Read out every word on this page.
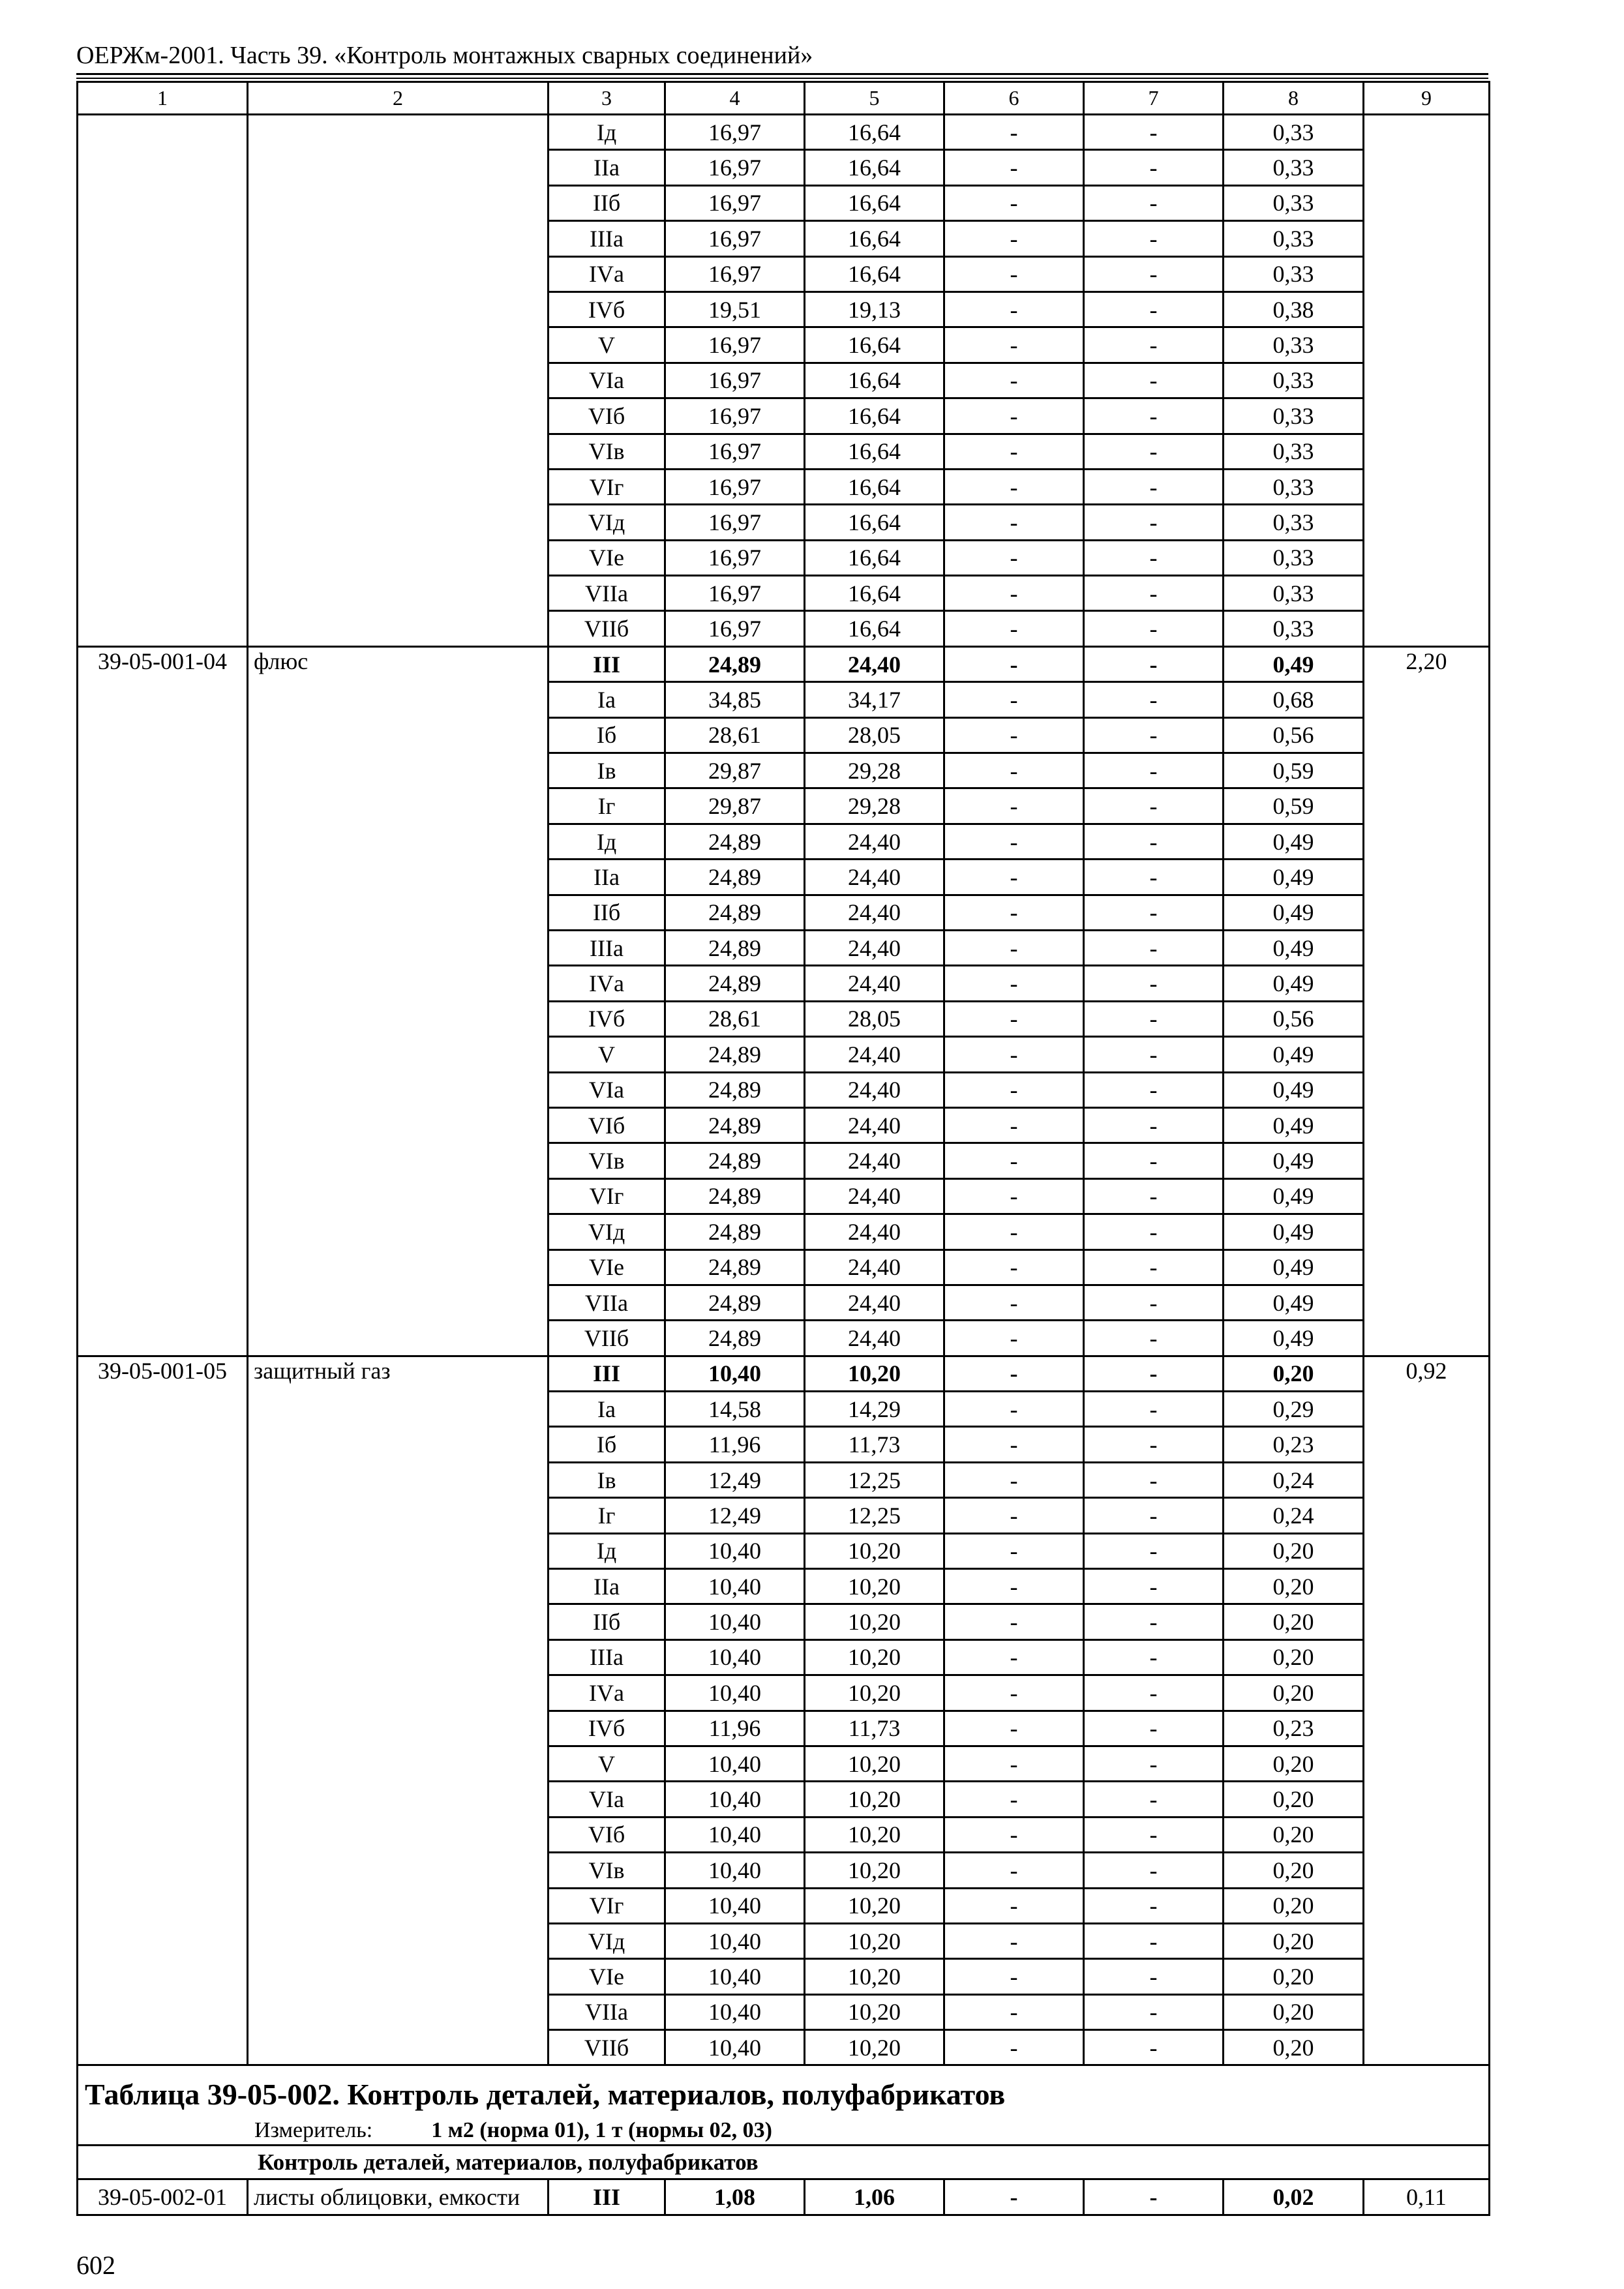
ОЕРЖм-2001. Часть 39. «Контроль монтажных сварных соединений»
1	2	3	4	5	6	7	8	9
		Iд	16,97	16,64	-	-	0,33	
		IIа	16,97	16,64	-	-	0,33	
		IIб	16,97	16,64	-	-	0,33	
		IIIа	16,97	16,64	-	-	0,33	
		IVа	16,97	16,64	-	-	0,33	
		IVб	19,51	19,13	-	-	0,38	
		V	16,97	16,64	-	-	0,33	
		VIа	16,97	16,64	-	-	0,33	
		VIб	16,97	16,64	-	-	0,33	
		VIв	16,97	16,64	-	-	0,33	
		VIг	16,97	16,64	-	-	0,33	
		VIд	16,97	16,64	-	-	0,33	
		VIе	16,97	16,64	-	-	0,33	
		VIIа	16,97	16,64	-	-	0,33	
		VIIб	16,97	16,64	-	-	0,33	
39-05-001-04	флюс	III	24,89	24,40	-	-	0,49	2,20
		Iа	34,85	34,17	-	-	0,68	
		Iб	28,61	28,05	-	-	0,56	
		Iв	29,87	29,28	-	-	0,59	
		Iг	29,87	29,28	-	-	0,59	
		Iд	24,89	24,40	-	-	0,49	
		IIа	24,89	24,40	-	-	0,49	
		IIб	24,89	24,40	-	-	0,49	
		IIIа	24,89	24,40	-	-	0,49	
		IVа	24,89	24,40	-	-	0,49	
		IVб	28,61	28,05	-	-	0,56	
		V	24,89	24,40	-	-	0,49	
		VIа	24,89	24,40	-	-	0,49	
		VIб	24,89	24,40	-	-	0,49	
		VIв	24,89	24,40	-	-	0,49	
		VIг	24,89	24,40	-	-	0,49	
		VIд	24,89	24,40	-	-	0,49	
		VIе	24,89	24,40	-	-	0,49	
		VIIа	24,89	24,40	-	-	0,49	
		VIIб	24,89	24,40	-	-	0,49	
39-05-001-05	защитный газ	III	10,40	10,20	-	-	0,20	0,92
		Iа	14,58	14,29	-	-	0,29	
		Iб	11,96	11,73	-	-	0,23	
		Iв	12,49	12,25	-	-	0,24	
		Iг	12,49	12,25	-	-	0,24	
		Iд	10,40	10,20	-	-	0,20	
		IIа	10,40	10,20	-	-	0,20	
		IIб	10,40	10,20	-	-	0,20	
		IIIа	10,40	10,20	-	-	0,20	
		IVа	10,40	10,20	-	-	0,20	
		IVб	11,96	11,73	-	-	0,23	
		V	10,40	10,20	-	-	0,20	
		VIа	10,40	10,20	-	-	0,20	
		VIб	10,40	10,20	-	-	0,20	
		VIв	10,40	10,20	-	-	0,20	
		VIг	10,40	10,20	-	-	0,20	
		VIд	10,40	10,20	-	-	0,20	
		VIе	10,40	10,20	-	-	0,20	
		VIIа	10,40	10,20	-	-	0,20	
		VIIб	10,40	10,20	-	-	0,20	

Таблица 39-05-002. Контроль деталей, материалов, полуфабрикатов
Измеритель: 1 м2 (норма 01), 1 т (нормы 02, 03)								

Контроль деталей, материалов, полуфабрикатов								
39-05-002-01	листы облицовки, емкости	III	1,08	1,06	-	-	0,02	0,11
602
